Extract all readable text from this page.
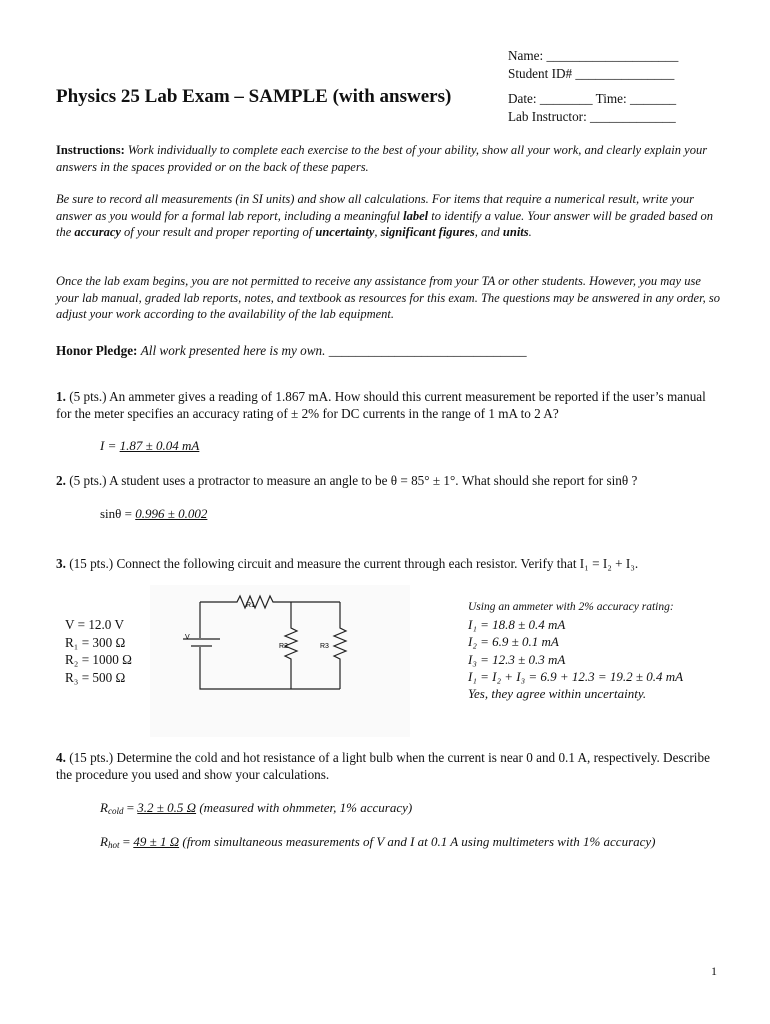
Name: ____________________
Student ID# _______________
Physics 25 Lab Exam – SAMPLE (with answers)	Date: ________ Time: _______
Lab Instructor: _____________
Instructions: Work individually to complete each exercise to the best of your ability, show all your work, and clearly explain your answers in the spaces provided or on the back of these papers.
Be sure to record all measurements (in SI units) and show all calculations. For items that require a numerical result, write your answer as you would for a formal lab report, including a meaningful label to identify a value. Your answer will be graded based on the accuracy of your result and proper reporting of uncertainty, significant figures, and units.
Once the lab exam begins, you are not permitted to receive any assistance from your TA or other students. However, you may use your lab manual, graded lab reports, notes, and textbook as resources for this exam. The questions may be answered in any order, so adjust your work according to the availability of the lab equipment.
Honor Pledge: All work presented here is my own. ______________________________
1. (5 pts.) An ammeter gives a reading of 1.867 mA. How should this current measurement be reported if the user’s manual for the meter specifies an accuracy rating of ± 2% for DC currents in the range of 1 mA to 2 A?
I = 1.87 ± 0.04 mA
2. (5 pts.) A student uses a protractor to measure an angle to be θ = 85° ± 1°. What should she report for sinθ ?
sinθ = 0.996 ± 0.002
3. (15 pts.) Connect the following circuit and measure the current through each resistor. Verify that I₁ = I₂ + I₃.
V = 12.0 V
R₁ = 300 Ω
R₂ = 1000 Ω
R₃ = 500 Ω
R1
R2	R3
V
Using an ammeter with 2% accuracy rating:
I₁ = 18.8 ± 0.4 mA
I₂ = 6.9 ± 0.1 mA
I₃ = 12.3 ± 0.3 mA
I₁ = I₂ + I₃ = 6.9 + 12.3 = 19.2 ± 0.4 mA
Yes, they agree within uncertainty.
4. (15 pts.) Determine the cold and hot resistance of a light bulb when the current is near 0 and 0.1 A, respectively. Describe the procedure you used and show your calculations.
$R_{cold} = 3.2 \pm 0.5$ Ω (measured with ohmmeter, 1% accuracy)
$R_{hot} = 49 \pm 1$ Ω (from simultaneous measurements of V and I at 0.1 A using multimeters with 1% accuracy)
1
